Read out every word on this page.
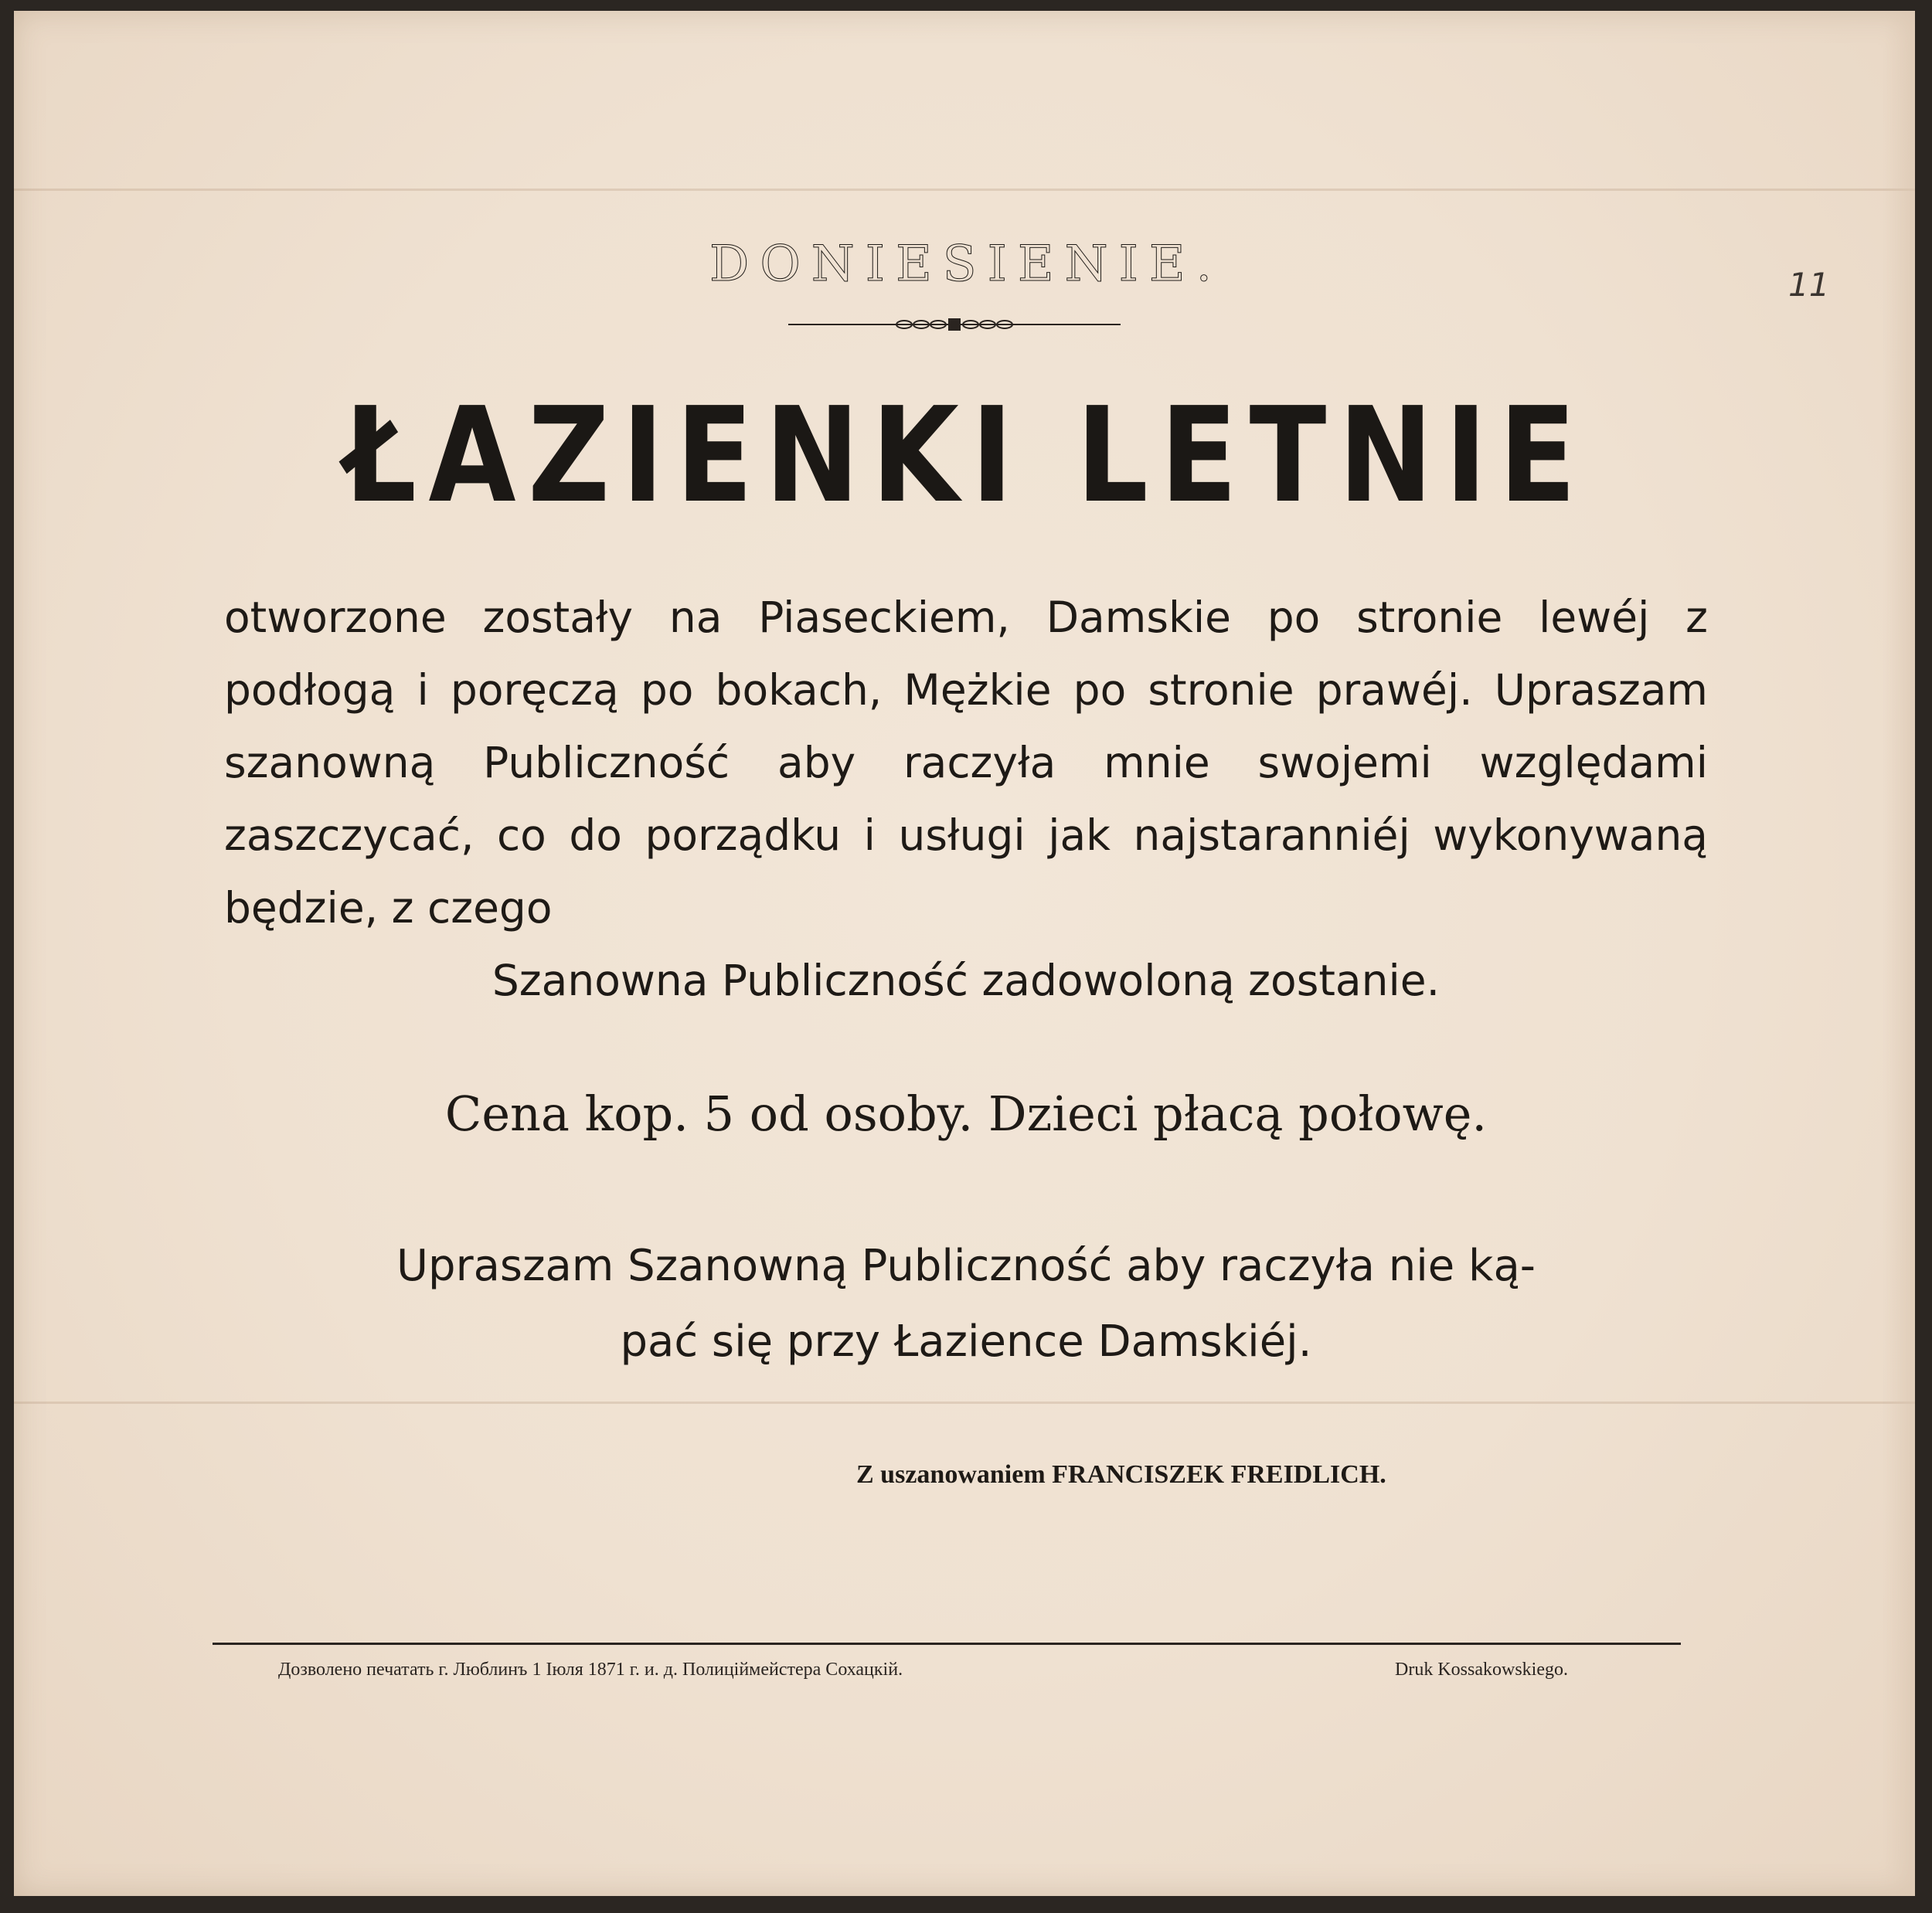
11
DONIESIENIE.
ŁAZIENKI LETNIE
otworzone zostały na Piaseckiem, Damskie po stronie lewéj z podłogą i poręczą po bokach, Mężkie po stronie prawéj. Upraszam szanowną Publiczność aby raczyła mnie swojemi względami zaszczycać, co do porządku i usługi jak najstaranniéj wykonywaną będzie, z czego
Szanowna Publiczność zadowoloną zostanie.
Cena kop. 5 od osoby. Dzieci płacą połowę.
Upraszam Szanowną Publiczność aby raczyła nie ką-
pać się przy Łazience Damskiéj.
Z uszanowaniem FRANCISZEK FREIDLICH.
Дозволено печатать г. Люблинъ 1 Iюля 1871 г. и. д. Полицiймейстера Сохацкiй.	Druk Kossakowskiego.
